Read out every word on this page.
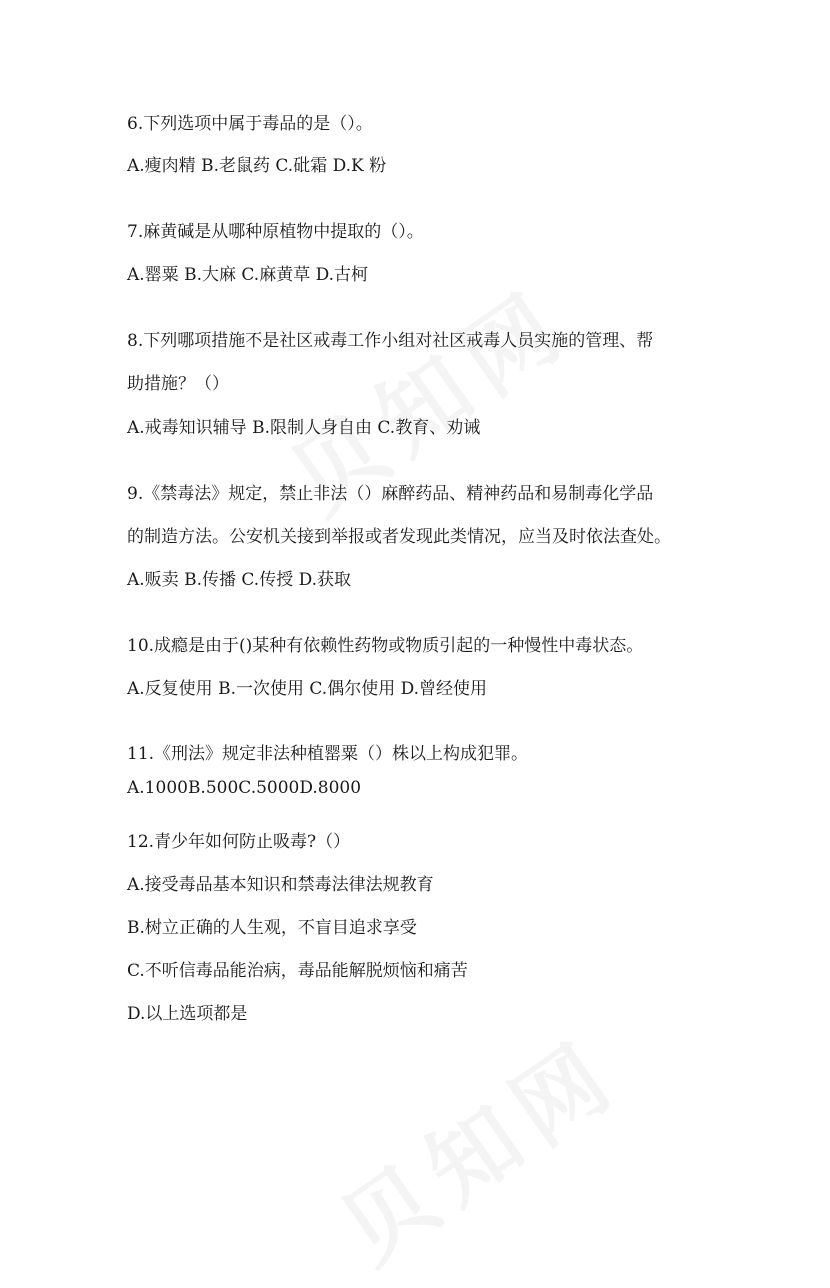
6.下列选项中属于毒品的是（）。
A.瘦肉精 B.老鼠药 C.砒霜 D.K 粉
7.麻黄碱是从哪种原植物中提取的（）。
A.罂粟 B.大麻 C.麻黄草 D.古柯
8.下列哪项措施不是社区戒毒工作小组对社区戒毒人员实施的管理、帮
助措施？（）
A.戒毒知识辅导 B.限制人身自由 C.教育、劝诫
9.《禁毒法》规定，禁止非法（）麻醉药品、精神药品和易制毒化学品
的制造方法。公安机关接到举报或者发现此类情况，应当及时依法查处。
A.贩卖 B.传播 C.传授 D.获取
10.成瘾是由于()某种有依赖性药物或物质引起的一种慢性中毒状态。
A.反复使用 B.一次使用 C.偶尔使用 D.曾经使用
11.《刑法》规定非法种植罂粟（）株以上构成犯罪。
A.1000B.500C.5000D.8000
12.青少年如何防止吸毒?（）
A.接受毒品基本知识和禁毒法律法规教育
B.树立正确的人生观，不盲目追求享受
C.不听信毒品能治病，毒品能解脱烦恼和痛苦
D.以上选项都是
